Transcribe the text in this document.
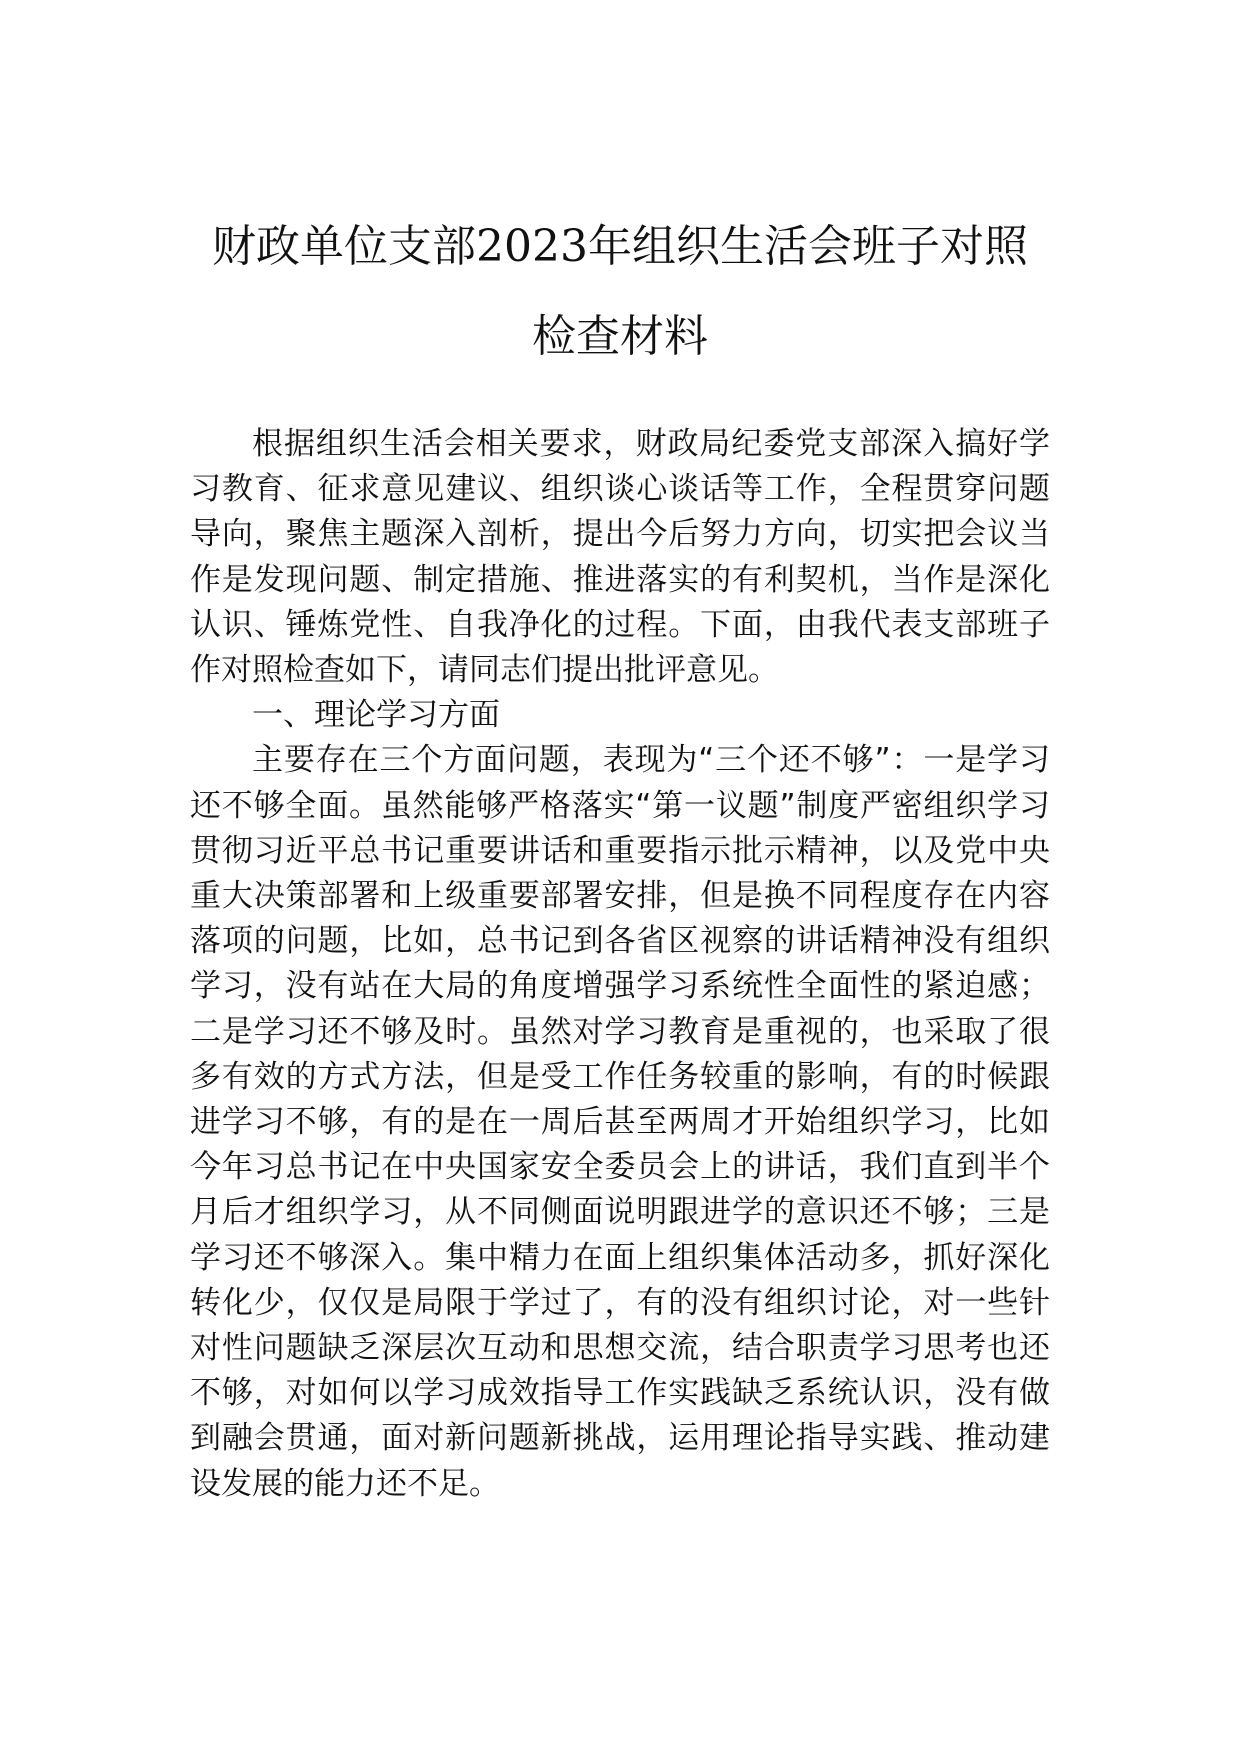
财政单位支部2023年组织生活会班子对照
检查材料

根据组织生活会相关要求，财政局纪委党支部深入搞好学习教育、征求意见建议、组织谈心谈话等工作，全程贯穿问题导向，聚焦主题深入剖析，提出今后努力方向，切实把会议当作是发现问题、制定措施、推进落实的有利契机，当作是深化认识、锤炼党性、自我净化的过程。下面，由我代表支部班子作对照检查如下，请同志们提出批评意见。

一、理论学习方面

主要存在三个方面问题，表现为“三个还不够”：一是学习还不够全面。虽然能够严格落实“第一议题”制度严密组织学习贯彻习近平总书记重要讲话和重要指示批示精神，以及党中央重大决策部署和上级重要部署安排，但是换不同程度存在内容落项的问题，比如，总书记到各省区视察的讲话精神没有组织学习，没有站在大局的角度增强学习系统性全面性的紧迫感；二是学习还不够及时。虽然对学习教育是重视的，也采取了很多有效的方式方法，但是受工作任务较重的影响，有的时候跟进学习不够，有的是在一周后甚至两周才开始组织学习，比如今年习总书记在中央国家安全委员会上的讲话，我们直到半个月后才组织学习，从不同侧面说明跟进学的意识还不够；三是学习还不够深入。集中精力在面上组织集体活动多，抓好深化转化少，仅仅是局限于学过了，有的没有组织讨论，对一些针对性问题缺乏深层次互动和思想交流，结合职责学习思考也还不够，对如何以学习成效指导工作实践缺乏系统认识，没有做到融会贯通，面对新问题新挑战，运用理论指导实践、推动建设发展的能力还不足。
